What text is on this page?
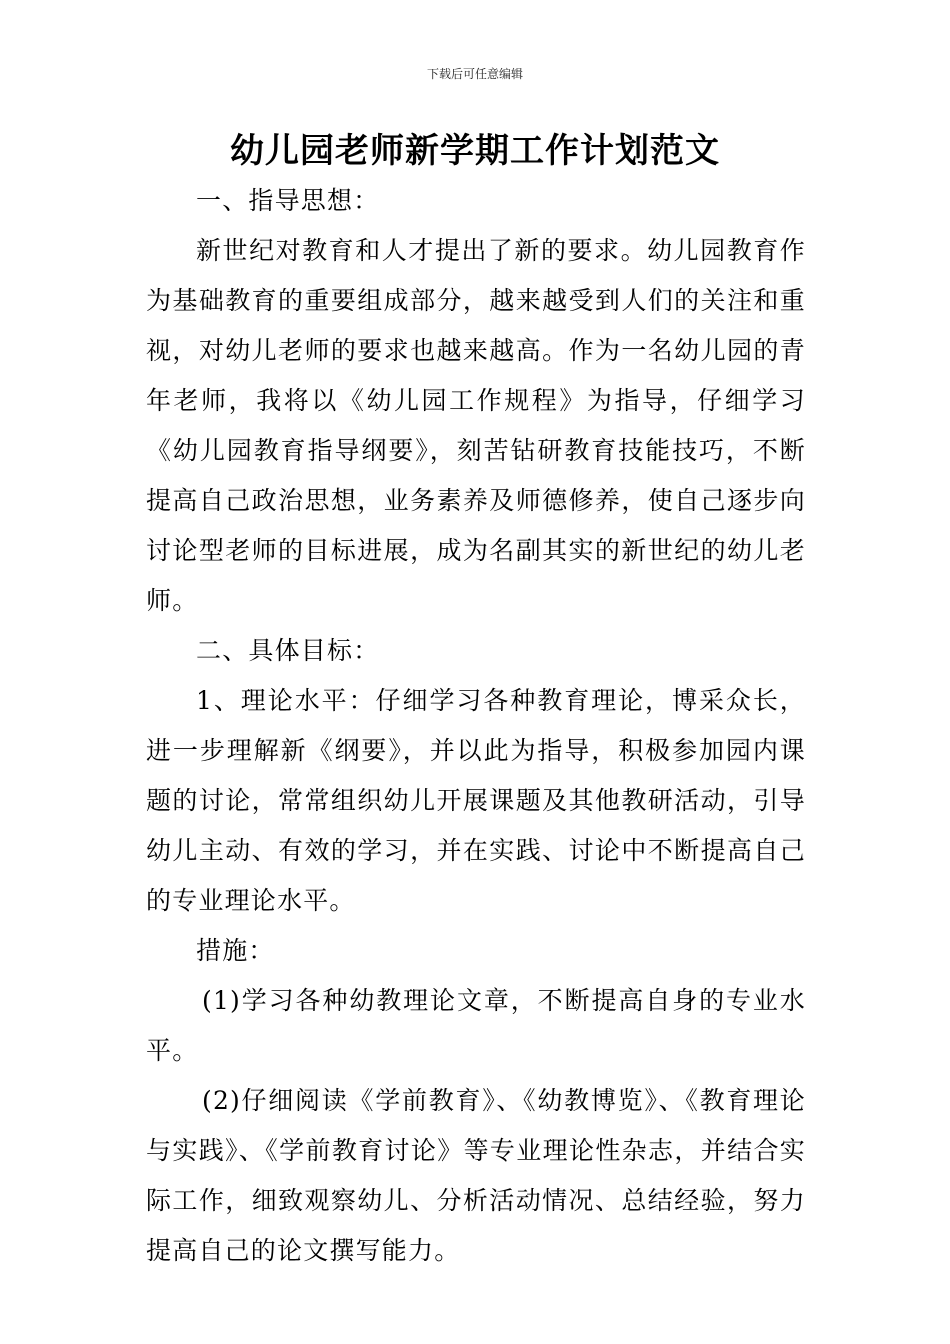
下载后可任意编辑
幼儿园老师新学期工作计划范文

一、指导思想：

新世纪对教育和人才提出了新的要求。幼儿园教育作为基础教育的重要组成部分，越来越受到人们的关注和重视，对幼儿老师的要求也越来越高。作为一名幼儿园的青年老师，我将以《幼儿园工作规程》为指导，仔细学习《幼儿园教育指导纲要》，刻苦钻研教育技能技巧，不断提高自己政治思想，业务素养及师德修养，使自己逐步向讨论型老师的目标进展，成为名副其实的新世纪的幼儿老师。

二、具体目标：

1、理论水平：仔细学习各种教育理论，博采众长，进一步理解新《纲要》，并以此为指导，积极参加园内课题的讨论，常常组织幼儿开展课题及其他教研活动，引导幼儿主动、有效的学习，并在实践、讨论中不断提高自己的专业理论水平。

措施：

(1)学习各种幼教理论文章，不断提高自身的专业水平。

(2)仔细阅读《学前教育》、《幼教博览》、《教育理论与实践》、《学前教育讨论》等专业理论性杂志，并结合实际工作，细致观察幼儿、分析活动情况、总结经验，努力提高自己的论文撰写能力。
